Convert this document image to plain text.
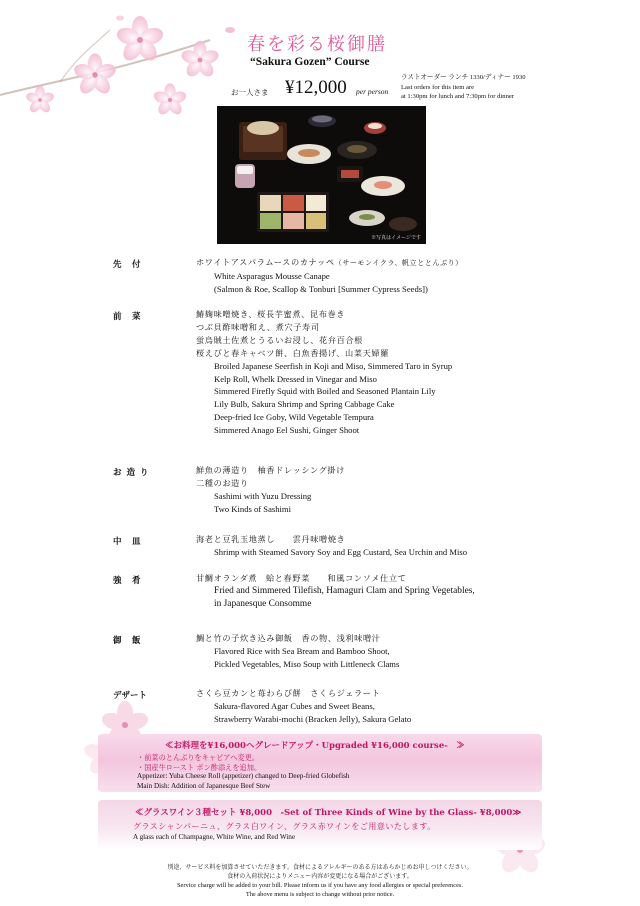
春を彩る桜御膳
“Sakura Gozen” Course
お一人さま ¥12,000 per person
ラストオーダー ランチ 1330/ディナー 1930
Last orders for this item are
at 1:30pm for lunch and 7:30pm for dinner
※写真はイメージです
先　付	ホワイトアスパラムースのカナッペ（サーモンイクラ、帆立ととんぶり）
White Asparagus Mousse Canape
(Salmon & Roe, Scallop & Tonburi [Summer Cypress Seeds])
前　菜	鰆麹味噌焼き、桜長芋蜜煮、昆布巻き
つぶ貝酢味噌和え、煮穴子寿司
蛍烏賊土佐煮とうるいお浸し、花弁百合根
桜えびと春キャベツ餅、白魚香揚げ、山菜天婦羅
Broiled Japanese Seerfish in Koji and Miso, Simmered Taro in Syrup
Kelp Roll, Whelk Dressed in Vinegar and Miso
Simmered Firefly Squid with Boiled and Seasoned Plantain Lily
Lily Bulb, Sakura Shrimp and Spring Cabbage Cake
Deep-fried Ice Goby, Wild Vegetable Tempura
Simmered Anago Eel Sushi, Ginger Shoot
お 造 り	鮮魚の薄造り　柚香ドレッシング掛け
二種のお造り
Sashimi with Yuzu Dressing
Two Kinds of Sashimi
中　皿	海老と豆乳玉地蒸し　　雲丹味噌焼き
Shrimp with Steamed Savory Soy and Egg Custard, Sea Urchin and Miso
強　肴	甘鯛オランダ煮　蛤と春野菜　　和風コンソメ仕立て
Fried and Simmered Tilefish, Hamaguri Clam and Spring Vegetables,
in Japanesque Consomme
御　飯	鯛と竹の子炊き込み御飯　香の物、浅利味噌汁
Flavored Rice with Sea Bream and Bamboo Shoot,
Pickled Vegetables, Miso Soup with Littleneck Clams
デザート	さくら豆カンと苺わらび餅　さくらジェラート
Sakura-flavored Agar Cubes and Sweet Beans,
Strawberry Warabi-mochi (Bracken Jelly), Sakura Gelato
≪お料理を¥16,000へグレードアップ・Upgraded ¥16,000 course-　≫
・前菜のとんぶりをキャビアへ変更。
・国産牛ロースト ポン酢添えを追加。
Appetizer: Yuba Cheese Roll (appetizer) changed to Deep-fried Globefish
Main Dish: Addition of Japanesque Beef Stew
≪グラスワイン３種セット ¥8,000　-Set of Three Kinds of Wine by the Glass- ¥8,000≫
グラスシャンパーニュ、グラス白ワイン、グラス赤ワインをご用意いたします。
A glass each of Champagne, White Wine, and Red Wine
別途、サービス料を加算させていただきます。食材によるアレルギーのある方はあらかじめお申しつけください。
食材の入荷状況によりメニュー内容が変更になる場合がございます。
Service charge will be added to your bill. Please inform us if you have any food allergies or special preferences.
The above menu is subject to change without prior notice.
